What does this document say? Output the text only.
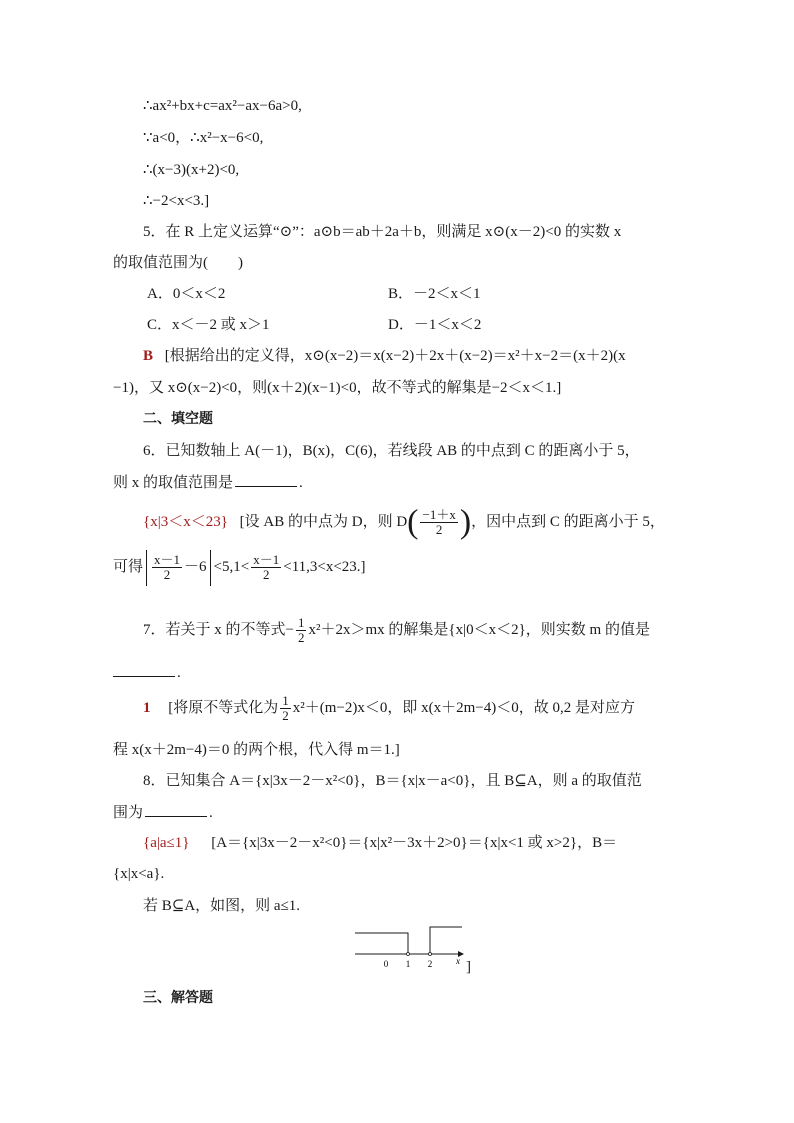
∴ax²+bx+c=ax²−ax−6a>0,
∵a<0，∴x²−x−6<0,
∴(x−3)(x+2)<0,
∴−2<x<3.]
5．在 R 上定义运算“⊙”：a⊙b＝ab＋2a＋b，则满足 x⊙(x－2)<0 的实数 x
的取值范围为(　　)
A．0＜x＜2	B．－2＜x＜1
C．x＜－2 或 x＞1	D．－1＜x＜2
B [根据给出的定义得，x⊙(x−2)＝x(x−2)＋2x＋(x−2)＝x²＋x−2＝(x＋2)(x
−1)，又 x⊙(x−2)<0，则(x＋2)(x−1)<0，故不等式的解集是−2＜x＜1.]
二、填空题
6．已知数轴上 A(－1)，B(x)，C(6)，若线段 AB 的中点到 C 的距离小于 5，
则 x 的取值范围是	.
{x|3＜x＜23} [设 AB 的中点为 D，则 $D( \frac{-1+x}{2}$ )，因中点到 C 的距离小于 5，
可得 $\frac{x-1}{2} -6 <5,1< \frac{x-1}{2} <11,3<x<23$.]
7．若关于 x 的不等式− $\frac{1}{2} x^2+2x>mx$ 的解集是{x|0＜x＜2}，则实数 m 的值是
.
1 [将原不等式化为 $\frac{1}{2} x^2+(m-2)x<0$，即 x(x＋2m−4)＜0，故 0,2 是对应方
程 x(x＋2m−4)＝0 的两个根，代入得 m＝1.]
8．已知集合 A＝{x|3x－2－x²<0}，B＝{x|x－a<0}，且 B⊆A，则 a 的取值范
围为	.
{a|a≤1} [A＝{x|3x－2－x²<0}＝{x|x²－3x＋2>0}＝{x|x<1 或 x>2}，B＝
{x|x<a}.
若 B⊆A，如图，则 a≤1.
0 1 2	x ]
三、解答题
